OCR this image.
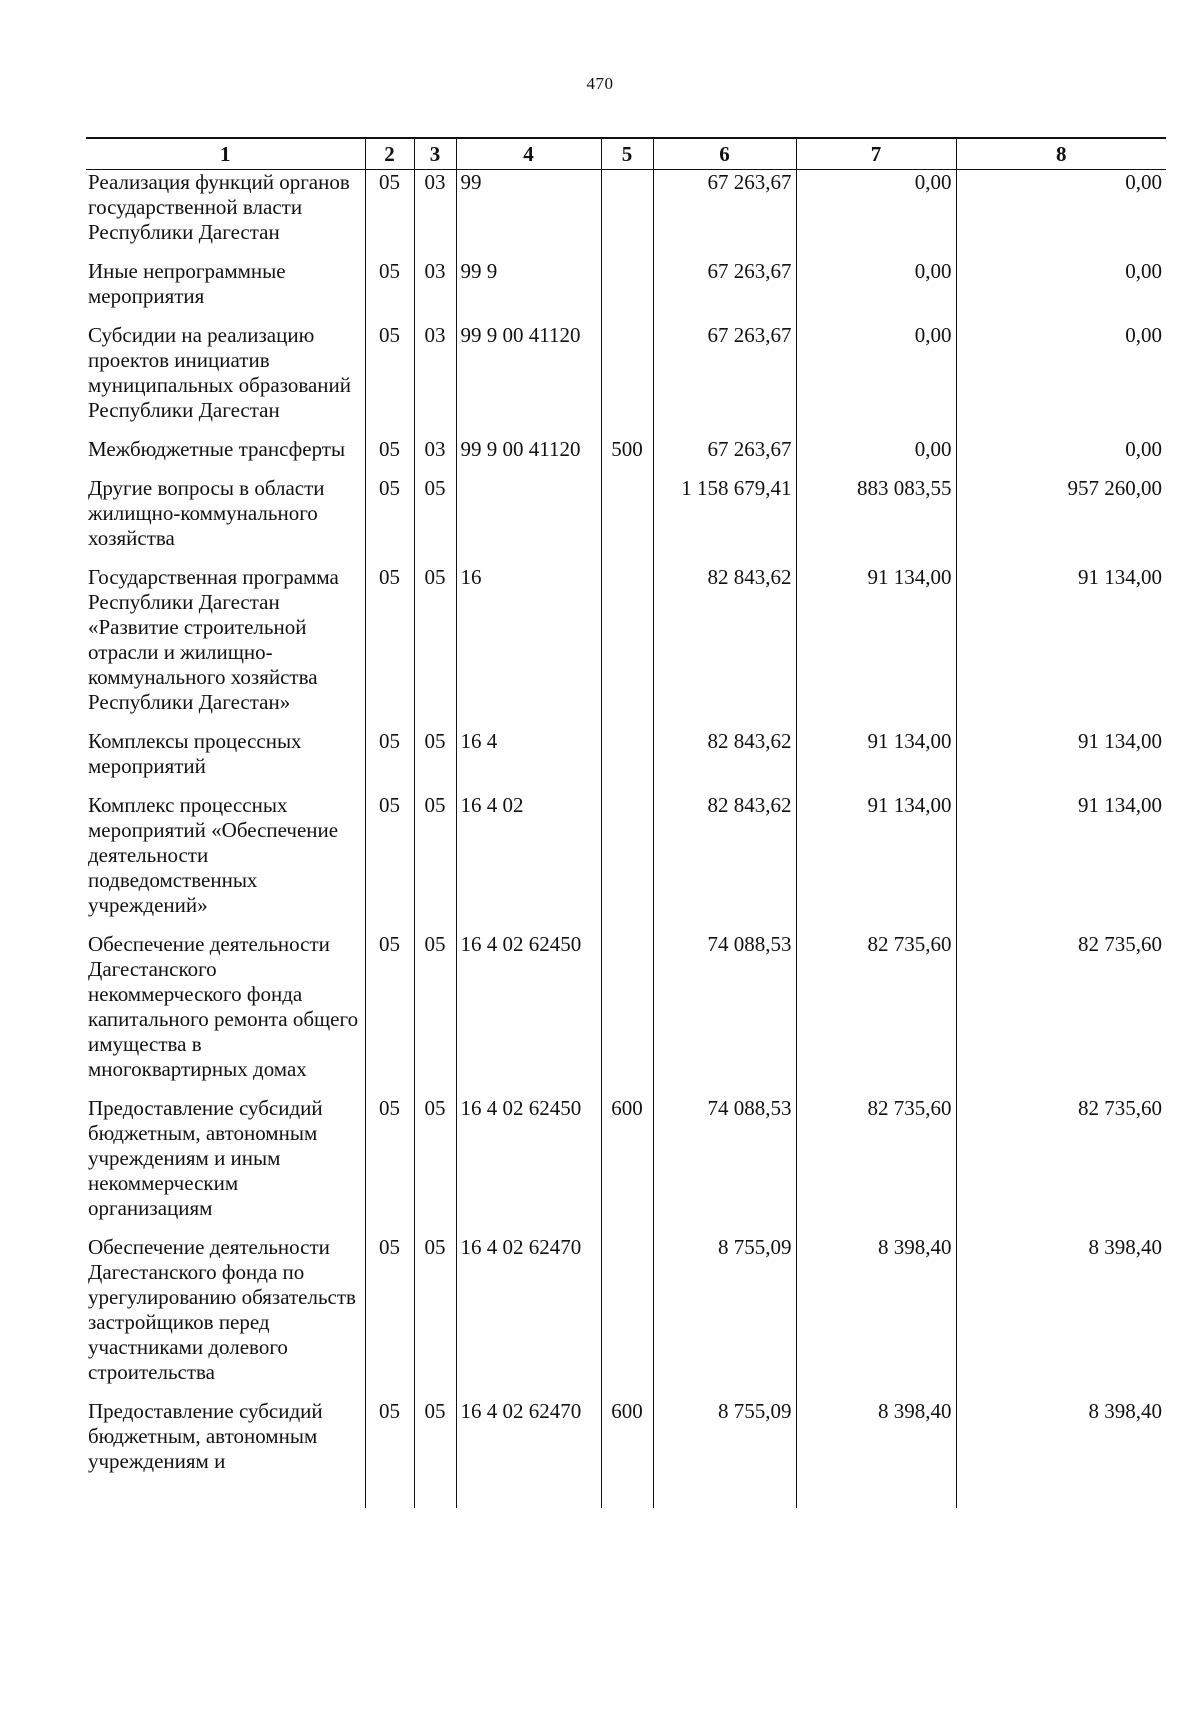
470
1	2	3	4	5	6	7	8
Реализация функций органов государственной власти Республики Дагестан	05	03	99		67 263,67	0,00	0,00
Иные непрограммные мероприятия	05	03	99 9		67 263,67	0,00	0,00
Субсидии на реализацию проектов инициатив муниципальных образований Республики Дагестан	05	03	99 9 00 41120		67 263,67	0,00	0,00
Межбюджетные трансферты	05	03	99 9 00 41120	500	67 263,67	0,00	0,00
Другие вопросы в области жилищно-коммунального хозяйства	05	05			1 158 679,41	883 083,55	957 260,00
Государственная программа Республики Дагестан «Развитие строительной отрасли и жилищно-коммунального хозяйства Республики Дагестан»	05	05	16		82 843,62	91 134,00	91 134,00
Комплексы процессных мероприятий	05	05	16 4		82 843,62	91 134,00	91 134,00
Комплекс процессных мероприятий «Обеспечение деятельности подведомственных учреждений»	05	05	16 4 02		82 843,62	91 134,00	91 134,00
Обеспечение деятельности Дагестанского некоммерческого фонда капитального ремонта общего имущества в многоквартирных домах	05	05	16 4 02 62450		74 088,53	82 735,60	82 735,60
Предоставление субсидий бюджетным, автономным учреждениям и иным некоммерческим организациям	05	05	16 4 02 62450	600	74 088,53	82 735,60	82 735,60
Обеспечение деятельности Дагестанского фонда по урегулированию обязательств застройщиков перед участниками долевого строительства	05	05	16 4 02 62470		8 755,09	8 398,40	8 398,40
Предоставление субсидий бюджетным, автономным учреждениям и	05	05	16 4 02 62470	600	8 755,09	8 398,40	8 398,40
